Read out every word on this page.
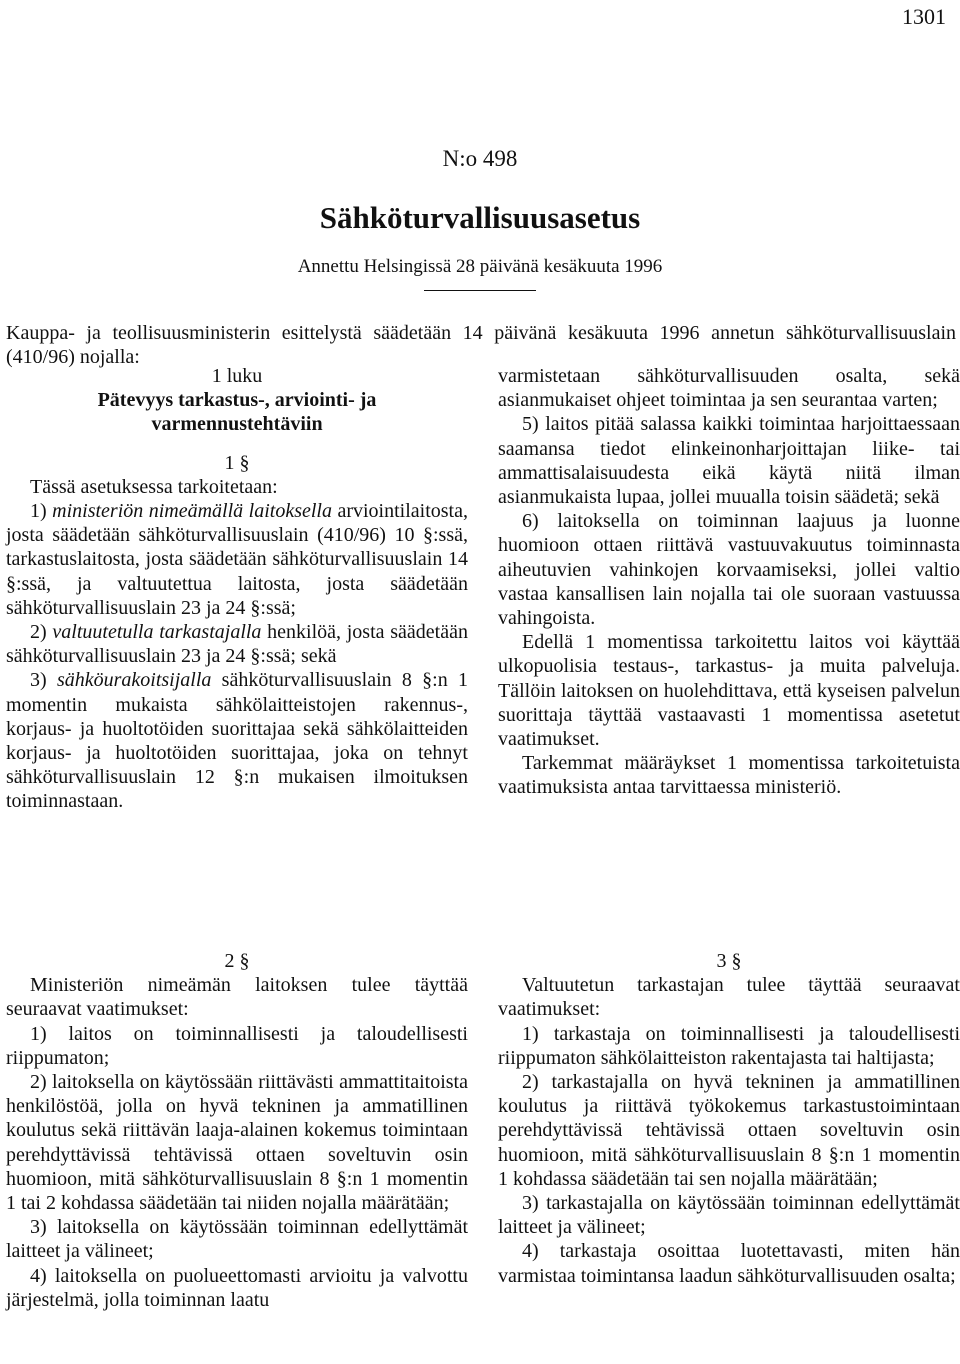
1301
N:o 498
Sähköturvallisuusasetus
Annettu Helsingissä 28 päivänä kesäkuuta 1996
Kauppa- ja teollisuusministerin esittelystä säädetään 14 päivänä kesäkuuta 1996 annetun sähköturvallisuuslain (410/96) nojalla:

1 luku

Pätevyys tarkastus-, arviointi- ja varmennustehtäviin

1 §

Tässä asetuksessa tarkoitetaan:

1) ministeriön nimeämällä laitoksella arviointilaitosta, josta säädetään sähköturvallisuuslain (410/96) 10 §:ssä, tarkastuslaitosta, josta säädetään sähköturvallisuuslain 14 §:ssä, ja valtuutettua laitosta, josta säädetään sähköturvallisuuslain 23 ja 24 §:ssä;

2) valtuutetulla tarkastajalla henkilöä, josta säädetään sähköturvallisuuslain 23 ja 24 §:ssä; sekä

3) sähköurakoitsijalla sähköturvallisuuslain 8 §:n 1 momentin mukaista sähkölaitteistojen rakennus-, korjaus- ja huoltotöiden suorittajaa sekä sähkölaitteiden korjaus- ja huoltotöiden suorittajaa, joka on tehnyt sähköturvallisuuslain 12 §:n mukaisen ilmoituksen toiminnastaan.

varmistetaan sähköturvallisuuden osalta, sekä asianmukaiset ohjeet toimintaa ja sen seurantaa varten;

5) laitos pitää salassa kaikki toimintaa harjoittaessaan saamansa tiedot elinkeinonharjoittajan liike- tai ammattisalaisuudesta eikä käytä niitä ilman asianmukaista lupaa, jollei muualla toisin säädetä; sekä

6) laitoksella on toiminnan laajuus ja luonne huomioon ottaen riittävä vastuuvakuutus toiminnasta aiheutuvien vahinkojen korvaamiseksi, jollei valtio vastaa kansallisen lain nojalla tai ole suoraan vastuussa vahingoista.

Edellä 1 momentissa tarkoitettu laitos voi käyttää ulkopuolisia testaus-, tarkastus- ja muita palveluja. Tällöin laitoksen on huolehdittava, että kyseisen palvelun suorittaja täyttää vastaavasti 1 momentissa asetetut vaatimukset.

Tarkemmat määräykset 1 momentissa tarkoitetuista vaatimuksista antaa tarvittaessa ministeriö.

2 §

Ministeriön nimeämän laitoksen tulee täyttää seuraavat vaatimukset:

1) laitos on toiminnallisesti ja taloudellisesti riippumaton;

2) laitoksella on käytössään riittävästi ammattitaitoista henkilöstöä, jolla on hyvä tekninen ja ammatillinen koulutus sekä riittävän laaja-alainen kokemus toimintaan perehdyttävissä tehtävissä ottaen soveltuvin osin huomioon, mitä sähköturvallisuuslain 8 §:n 1 momentin 1 tai 2 kohdassa säädetään tai niiden nojalla määrätään;

3) laitoksella on käytössään toiminnan edellyttämät laitteet ja välineet;

4) laitoksella on puolueettomasti arvioitu ja valvottu järjestelmä, jolla toiminnan laatu

3 §

Valtuutetun tarkastajan tulee täyttää seuraavat vaatimukset:

1) tarkastaja on toiminnallisesti ja taloudellisesti riippumaton sähkölaitteiston rakentajasta tai haltijasta;

2) tarkastajalla on hyvä tekninen ja ammatillinen koulutus ja riittävä työkokemus tarkastustoimintaan perehdyttävissä tehtävissä ottaen soveltuvin osin huomioon, mitä sähköturvallisuuslain 8 §:n 1 momentin 1 kohdassa säädetään tai sen nojalla määrätään;

3) tarkastajalla on käytössään toiminnan edellyttämät laitteet ja välineet;

4) tarkastaja osoittaa luotettavasti, miten hän varmistaa toimintansa laadun sähköturvallisuuden osalta;
